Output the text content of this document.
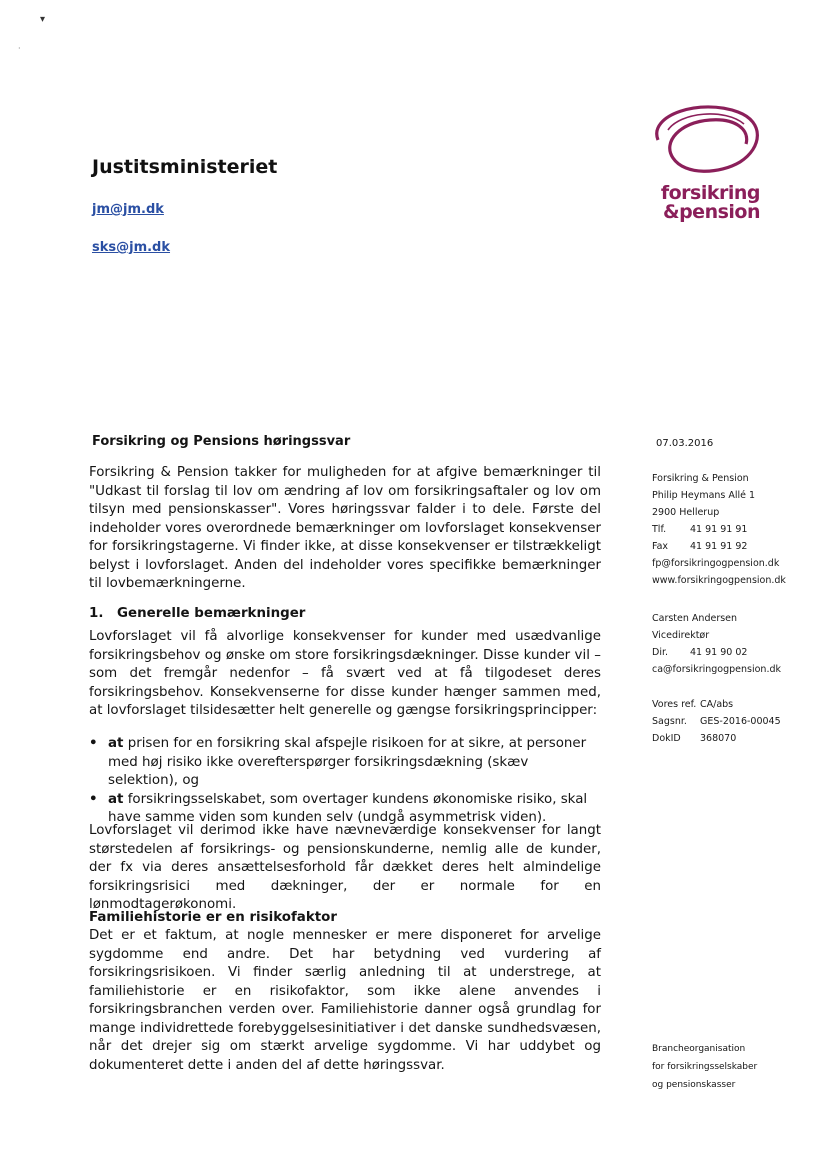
▾
·
Justitsministeriet
jm@jm.dk
sks@jm.dk
forsikring
&pension
Forsikring og Pensions høringssvar	07.03.2016
Forsikring & Pension takker for muligheden for at afgive bemærkninger til "Udkast til forslag til lov om ændring af lov om forsikringsaftaler og lov om tilsyn med pensionskasser". Vores høringssvar falder i to dele. Første del indeholder vores overordnede bemærkninger om lovforslaget konsekvenser for forsikringstagerne. Vi finder ikke, at disse konsekvenser er tilstrækkeligt belyst i lovforslaget. Anden del indeholder vores specifikke bemærkninger til lovbemærkningerne.
1. Generelle bemærkninger
Lovforslaget vil få alvorlige konsekvenser for kunder med usædvanlige forsikringsbehov og ønske om store forsikringsdækninger. Disse kunder vil – som det fremgår nedenfor – få svært ved at få tilgodeset deres forsikringsbehov. Konsekvenserne for disse kunder hænger sammen med, at lovforslaget tilsidesætter helt generelle og gængse forsikringsprincipper:
• at prisen for en forsikring skal afspejle risikoen for at sikre, at personer med høj risiko ikke overefterspørger forsikringsdækning (skæv selektion), og
• at forsikringsselskabet, som overtager kundens økonomiske risiko, skal have samme viden som kunden selv (undgå asymmetrisk viden).
Lovforslaget vil derimod ikke have nævneværdige konsekvenser for langt størstedelen af forsikrings- og pensionskunderne, nemlig alle de kunder, der fx via deres ansættelsesforhold får dækket deres helt almindelige forsikringsrisici med dækninger, der er normale for en lønmodtagerøkonomi.
Familiehistorie er en risikofaktor
Det er et faktum, at nogle mennesker er mere disponeret for arvelige sygdomme end andre. Det har betydning ved vurdering af forsikringsrisikoen. Vi finder særlig anledning til at understrege, at familiehistorie er en risikofaktor, som ikke alene anvendes i forsikringsbranchen verden over. Familiehistorie danner også grundlag for mange individrettede forebyggelsesinitiativer i det danske sundhedsvæsen, når det drejer sig om stærkt arvelige sygdomme. Vi har uddybet og dokumenteret dette i anden del af dette høringssvar.
Forsikring & Pension
Philip Heymans Allé 1
2900 Hellerup
Tlf.	41 91 91 91
Fax 41 91 91 92
fp@forsikringogpension.dk
www.forsikringogpension.dk
Carsten Andersen
Vicedirektør
Dir. 41 91 90 02
ca@forsikringogpension.dk
Vores ref. CA/abs
Sagsnr. GES-2016-00045
DokID 368070
Brancheorganisation
for forsikringsselskaber
og pensionskasser
